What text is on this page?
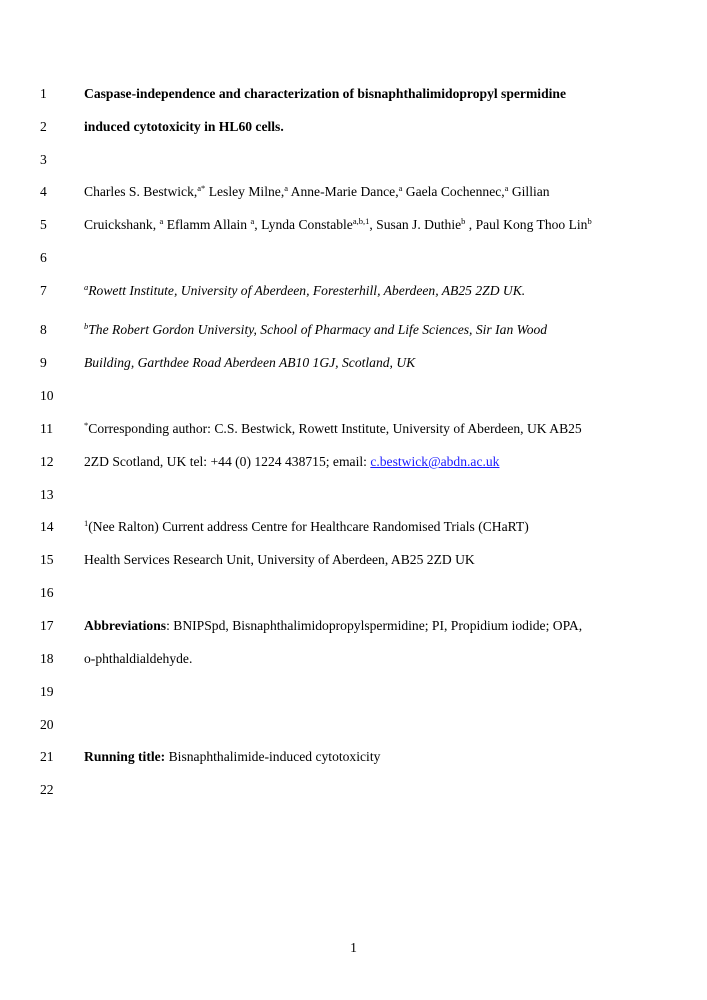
1	Caspase-independence and characterization of bisnaphthalimidopropyl spermidine
2	induced cytotoxicity in HL60 cells.
3
4	Charles S. Bestwick,$^{a*}$ Lesley Milne,$^a$ Anne-Marie Dance,$^a$ Gaela Cochennec,$^a$ Gillian
5	Cruickshank, $^a$ Eflamm Allain $^a$, Lynda Constable$^{a,b,1}$, Susan J. Duthie$^b$ , Paul Kong Thoo Lin$^b$
6
7	$^a$Rowett Institute, University of Aberdeen, Foresterhill, Aberdeen, AB25 2ZD UK.
8	$^b$The Robert Gordon University, School of Pharmacy and Life Sciences, Sir Ian Wood
9	Building, Garthdee Road Aberdeen AB10 1GJ, Scotland, UK
10
11	*Corresponding author: C.S. Bestwick, Rowett Institute, University of Aberdeen, UK AB25
12	2ZD Scotland, UK tel: +44 (0) 1224 438715; email: c.bestwick@abdn.ac.uk
13
14	$^1$(Nee Ralton) Current address Centre for Healthcare Randomised Trials (CHaRT)
15	Health Services Research Unit, University of Aberdeen, AB25 2ZD UK
16
17	Abbreviations: BNIPSpd, Bisnaphthalimidopropylspermidine; PI, Propidium iodide; OPA,
18	o-phthaldialdehyde.
19
20
21	Running title: Bisnaphthalimide-induced cytotoxicity
22
1
